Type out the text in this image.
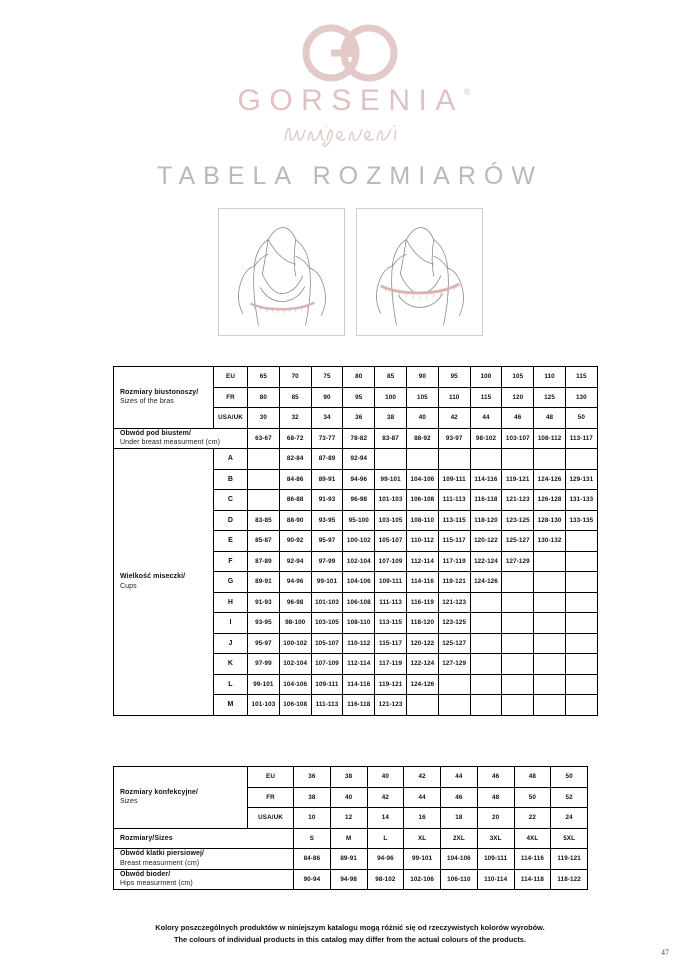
GORSENIA ®
TABELA ROZMIARÓW
Rozmiary biustonoszy/
Sizes of the bras	EU	65	70	75	80	85	90	95	100	105	110	115
	FR	80	85	90	95	100	105	110	115	120	125	130
	USA/UK	30	32	34	36	38	40	42	44	46	48	50

Obwód pod biustem/
Under breast measurment (cm)		63-67	68-72	73-77	78-82	83-87	88-92	93-97	98-102	103-107	108-112	113-117

Wielkość miseczki/
Cups	A		82-84	87-89	92-94							
	B		84-86	89-91	94-96	99-101	104-106	109-111	114-116	119-121	124-126	129-131
	C		86-88	91-93	96-98	101-103	106-108	111-113	116-118	121-123	126-128	131-133
	D	83-85	88-90	93-95	95-100	103-105	108-110	113-115	118-120	123-125	128-130	133-135
	E	85-87	90-92	95-97	100-102	105-107	110-112	115-117	120-122	125-127	130-132	
	F	87-89	92-94	97-99	102-104	107-109	112-114	117-119	122-124	127-129		
	G	89-91	94-96	99-101	104-106	109-111	114-116	119-121	124-126			
	H	91-93	96-98	101-103	106-108	111-113	116-119	121-123				
	I	93-95	98-100	103-105	108-110	113-115	118-120	123-125				
	J	95-97	100-102	105-107	110-112	115-117	120-122	125-127				
	K	97-99	102-104	107-109	112-114	117-119	122-124	127-129				
	L	99-101	104-106	109-111	114-116	119-121	124-126					
	M	101-103	106-108	111-113	116-118	121-123						
Rozmiary konfekcyjne/
Sizes	EU	36	38	40	42	44	46	48	50
	FR	38	40	42	44	46	48	50	52
	USA/UK	10	12	14	16	18	20	22	24

Rozmiary/Sizes		S	M	L	XL	2XL	3XL	4XL	5XL

Obwód klatki piersiowej/
Breast measurment (cm)		84-86	89-91	94-96	99-101	104-106	109-111	114-116	119-121

Obwód bioder/
Hips measurment (cm)		90-94	94-98	98-102	102-106	106-110	110-114	114-118	118-122
Kolory poszczególnych produktów w niniejszym katalogu mogą różnić się od rzeczywistych kolorów wyrobów.
The colours of individual products in this catalog may differ from the actual colours of the products.
47
